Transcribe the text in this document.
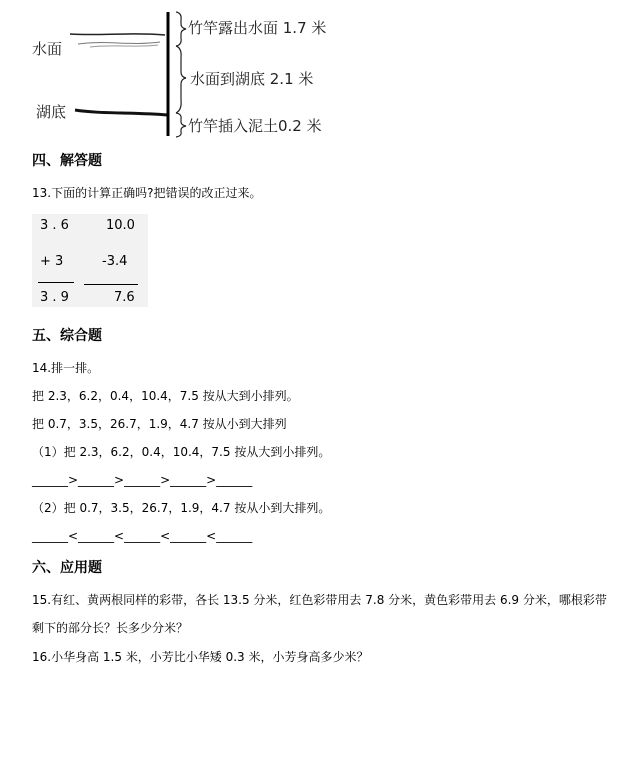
水面
湖底
竹竿露出水面 1.7 米
水面到湖底 2.1 米
竹竿插入泥土0.2 米
四、解答题
13.下面的计算正确吗?把错误的改正过来。
3 . 6
+ 3
3 . 9
10.0
-3.4
7.6
五、综合题
14.排一排。
把 2.3，6.2，0.4，10.4，7.5 按从大到小排列。
把 0.7，3.5，26.7，1.9，4.7 按从小到大排列
（1）把 2.3，6.2，0.4，10.4，7.5 按从大到小排列。
______>______>______>______>______
（2）把 0.7，3.5，26.7，1.9，4.7 按从小到大排列。
______<______<______<______<______
六、应用题
15.有红、黄两根同样的彩带，各长 13.5 分米，红色彩带用去 7.8 分米，黄色彩带用去 6.9 分米，哪根彩带
剩下的部分长？长多少分米？
16.小华身高 1.5 米，小芳比小华矮 0.3 米，小芳身高多少米？
